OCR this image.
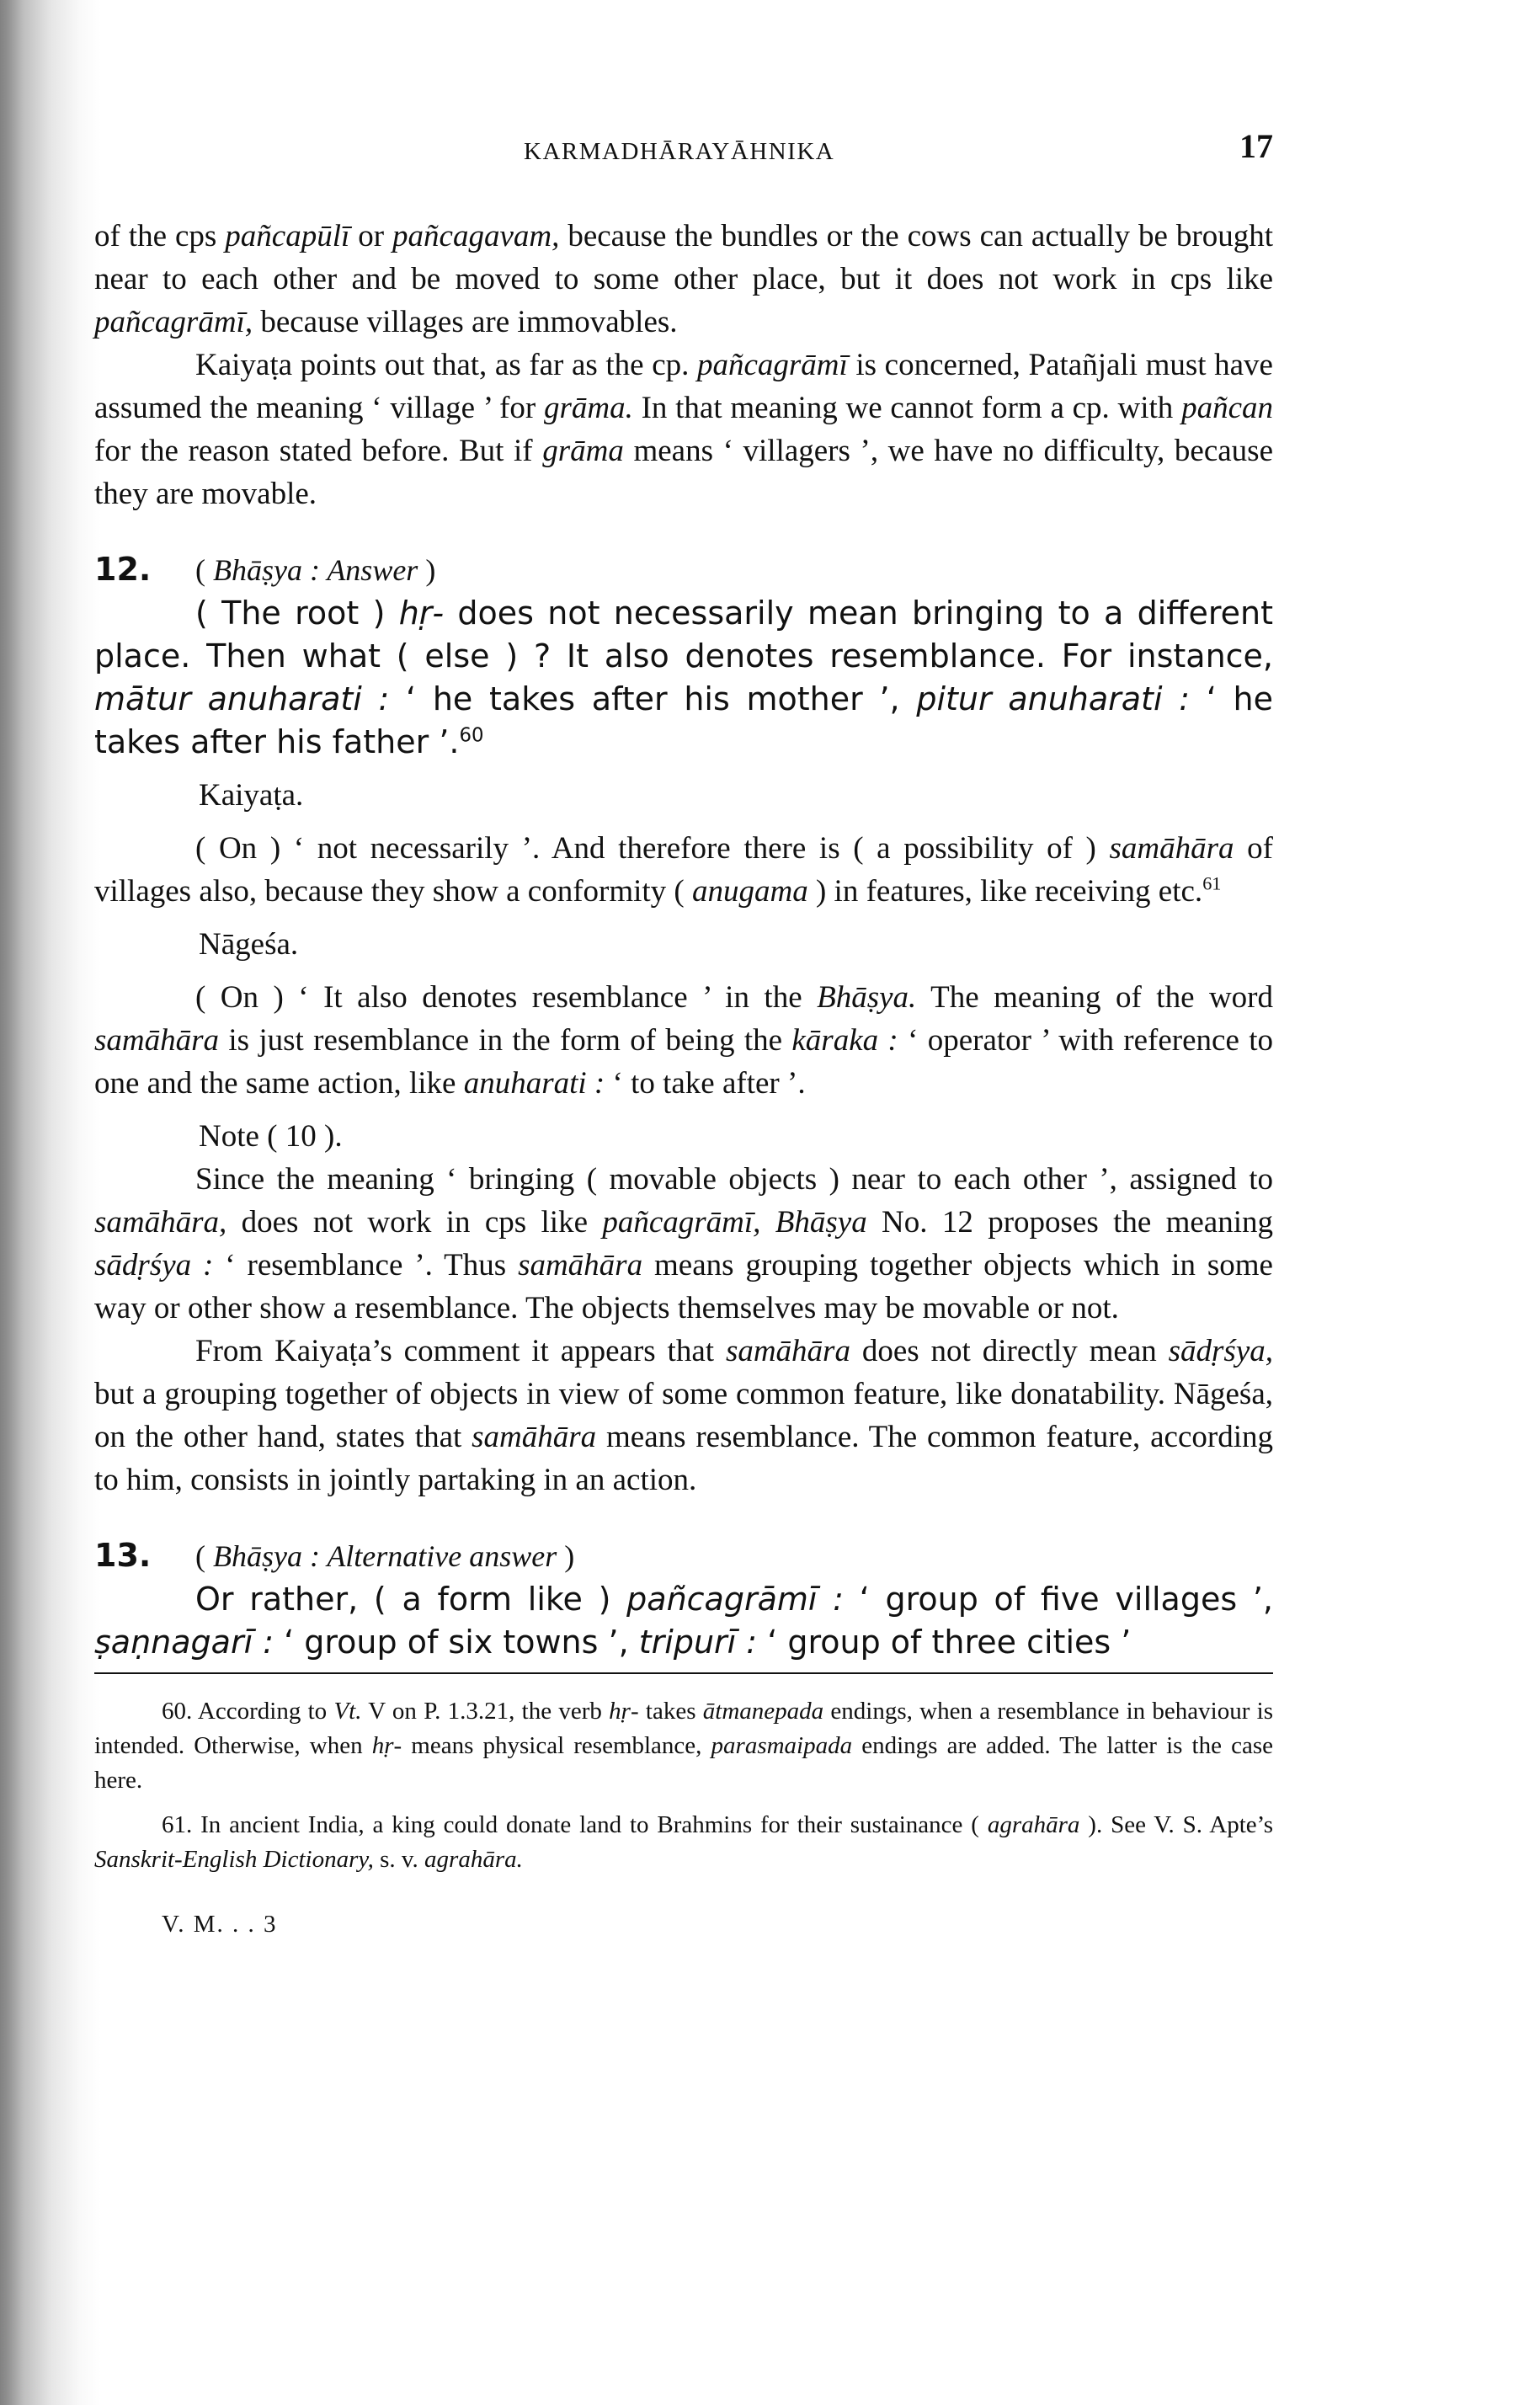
KARMADHĀRAYĀHNIKA	17

of the cps pañcapūlī or pañcagavam, because the bundles or the cows can actually be brought near to each other and be moved to some other place, but it does not work in cps like pañcagrāmī, because villages are immovables.

Kaiyaṭa points out that, as far as the cp. pañcagrāmī is concerned, Patañjali must have assumed the meaning ‘ village ’ for grāma. In that meaning we cannot form a cp. with pañcan for the reason stated before. But if grāma means ‘ villagers ’, we have no difficulty, because they are movable.

12.	( Bhāṣya : Answer )

( The root ) hṛ- does not necessarily mean bringing to a different place. Then what ( else ) ? It also denotes resemblance. For instance, mātur anuharati : ‘ he takes after his mother ’, pitur anuharati : ‘ he takes after his father ’.$^{60}$

Kaiyaṭa.

( On ) ‘ not necessarily ’. And therefore there is ( a possibility of ) samāhāra of villages also, because they show a conformity ( anugama ) in features, like receiving etc.$^{61}$

Nāgeśa.

( On ) ‘ It also denotes resemblance ’ in the Bhāṣya. The meaning of the word samāhāra is just resemblance in the form of being the kāraka : ‘ operator ’ with reference to one and the same action, like anuharati : ‘ to take after ’.

Note ( 10 ).

Since the meaning ‘ bringing ( movable objects ) near to each other ’, assigned to samāhāra, does not work in cps like pañcagrāmī, Bhāṣya No. 12 proposes the meaning sādṛśya : ‘ resemblance ’. Thus samāhāra means grouping together objects which in some way or other show a resemblance. The objects themselves may be movable or not.

From Kaiyaṭa’s comment it appears that samāhāra does not directly mean sādṛśya, but a grouping together of objects in view of some common feature, like donatability. Nāgeśa, on the other hand, states that samāhāra means resemblance. The common feature, according to him, consists in jointly partaking in an action.

13.	( Bhāṣya : Alternative answer )

Or rather, ( a form like ) pañcagrāmī : ‘ group of five villages ’, ṣaṇnagarī : ‘ group of six towns ’, tripurī : ‘ group of three cities ’

60. According to Vt. V on P. 1.3.21, the verb hṛ- takes ātmanepada endings, when a resemblance in behaviour is intended. Otherwise, when hṛ- means physical resemblance, parasmaipada endings are added. The latter is the case here.

61. In ancient India, a king could donate land to Brahmins for their sustainance ( agrahāra ). See V. S. Apte’s Sanskrit-English Dictionary, s. v. agrahāra.

V. M. . . 3
